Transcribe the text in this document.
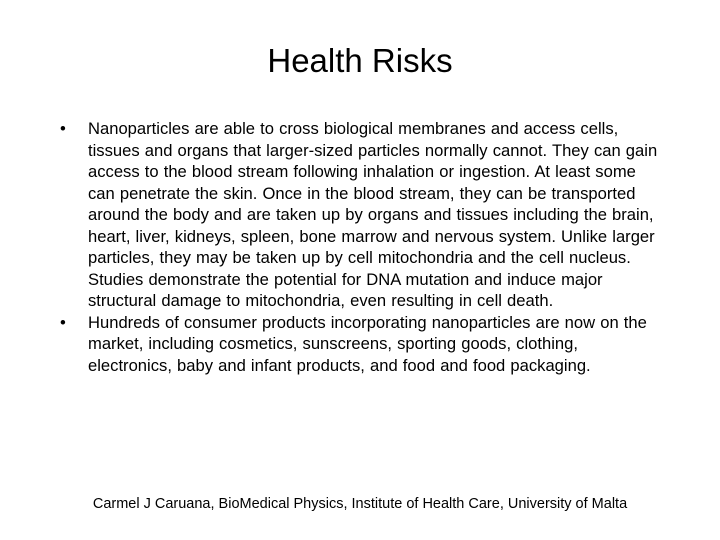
Health Risks
• Nanoparticles are able to cross biological membranes and access cells, tissues and organs that larger-sized particles normally cannot. They can gain access to the blood stream following inhalation or ingestion. At least some can penetrate the skin. Once in the blood stream, they can be transported around the body and are taken up by organs and tissues including the brain, heart, liver, kidneys, spleen, bone marrow and nervous system. Unlike larger particles, they may be taken up by cell mitochondria and the cell nucleus. Studies demonstrate the potential for DNA mutation and induce major structural damage to mitochondria, even resulting in cell death.
• Hundreds of consumer products incorporating nanoparticles are now on the market, including cosmetics, sunscreens, sporting goods, clothing, electronics, baby and infant products, and food and food packaging.
Carmel J Caruana, BioMedical Physics, Institute of Health Care, University of Malta
